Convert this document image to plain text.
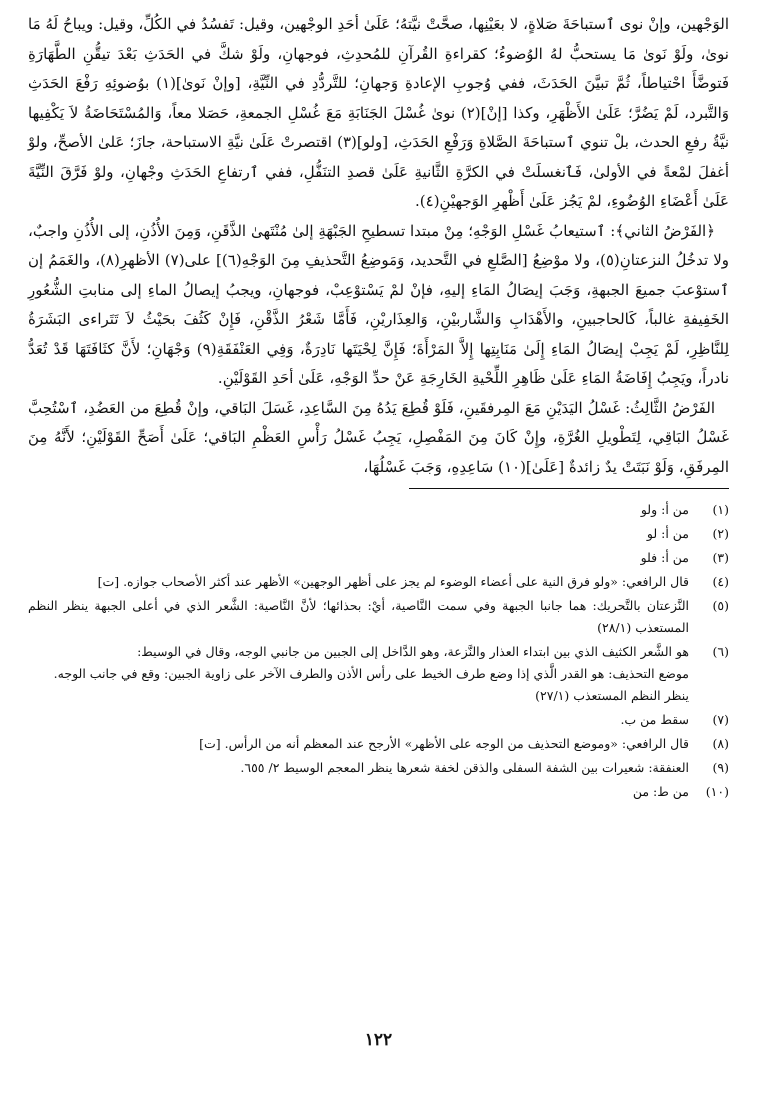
الوَجْهين، وإنْ نوى ٱستباحَةَ صَلاةٍ، لا بعَيْنِها، صحَّتْ نيَّتهُ؛ عَلَىٰ أحَدِ الوجْهين، وقيل: تَفسُدُ في الكُلِّ، وقيل: ويباحُ لَهُ مَا نوىٰ، ولَوْ نَوىٰ مَا يستحبُّ لهُ الوُضوءُ؛ كقراءةِ القُرآنِ للمُحدِثِ، فوجهانِ، ولَوْ شكَّ في الحَدَثِ بَعْدَ تيقُّنِ الطَّهَارَةِ فَتوضَّأَ احْتياطاً، ثُمَّ تبيَّنَ الحَدَثَ، ففي وُجوبِ الإعادةِ وَجهانِ؛ للتَّردُّدِ في النِّيَّةِ، [وإنْ نَوىٰ](١) بوُضوئِهِ رَفْعَ الحَدَثِ وَالتَّبرد، لَمْ يَضُرَّ؛ عَلَىٰ الأَظْهَرِ، وكذا [إنْ](٢) نوىٰ غُسْلَ الجَنَابَةِ مَعَ غُسْلِ الجمعةِ، حَصَلا معاً، وَالمُسْتَحَاضَةُ لاَ يَكْفِيها نيَّةُ رفعِ الحدث، بلْ تنوي ٱستباحَةَ الصَّلاةِ وَرَفْعِ الحَدَثِ، [ولو](٣) اقتصرتْ عَلَىٰ نيَّةِ الاستباحة، جازَ؛ عَلىٰ الأصحِّ، ولوْ أغفلَ لمْعةً في الأولىٰ، فَٱنغسلَتْ في الكرَّةِ الثَّانيةِ عَلَىٰ قصدِ التنَفُّلِ، ففي ٱرتفاعِ الحَدَثِ وجْهانِ، ولوْ فَرَّقَ النِّيَّةَ عَلَىٰ أَعْضَاءِ الوُضُوءِ، لمْ يَجُز عَلَىٰ أَظْهرِ الوَجهيْنِ(٤).

﴿الفَرْضُ الثاني﴾: ٱستيعابُ غَسْلِ الوَجْهِ؛ مِنْ مبتدا تسطيحِ الجَبْهَةِ إلىٰ مُنْتَهىٰ الذَّقَنِ، وَمِنَ الأُذُنِ، إلى الأُذُنِ واجبٌ، ولا تدخُلُ النزعتانِ(٥)، ولا موْضِعُ [الصَّلعِ في التَّحديد، وَمَوضِعُ التَّحذيفِ مِنَ الوَجْهِ(٦)] على(٧) الأظهرِ(٨)، والغَمَمُ إن ٱستوْعبَ جميعَ الجبهةِ، وَجَبَ إيصَالُ المَاءِ إليهِ، فإنْ لمْ يَسْتوْعِبْ، فوجهانِ، ويجبُ إيصالُ الماءِ إلى منابتِ الشُّعُورِ الخَفِيفةِ غالباً، كَالحاجبينِ، والأَهْدَابِ وَالشَّاربيْنِ، وَالعِذَاريْنِ، فَأَمَّا شَعْرُ الذَّقْنِ، فَإِنْ كَثُفَ بحَيْثُ لاَ تَتَراءى البَشَرَةُ لِلنَّاظِرِ، لَمْ يَجِبْ إيصَالُ المَاءِ إِلَىٰ مَنَابِتِها إِلاَّ المَرْأَةَ؛ فَإِنَّ لِحْيَتَها نَادِرَةٌ، وَفِي العَنْفَقَةِ(٩) وَجْهَانِ؛ لأَنَّ كثَافَتَهَا قَدْ تُعَدُّ نادراً، ويَجِبُ إِفَاضَةُ المَاءِ عَلَىٰ ظَاهِرِ اللِّحْيةِ الخَارِجَةِ عَنْ حدِّ الوَجْهِ، عَلَىٰ أحَدِ القَوْلَيْنِ.

الفَرْضُ الثَّالِثُ: غَسْلُ اليَدَيْنِ مَعَ المِرفقَينِ، فَلَوْ قُطِعَ يَدُهُ مِنَ السَّاعِدِ، غَسَلَ البَاقي، وإنْ قُطِعَ من العَضُدِ، ٱسْتُحِبَّ غَسْلُ البَاقِي، لِتَطْويلِ الغُرَّةِ، وإِنْ كَانَ مِنَ المَفْصِلِ، يَجِبُ غَسْلُ رَأْسِ العَظْمِ البَاقي؛ عَلَىٰ أَصَحِّ القَوْلَيْنِ؛ لأَنَّهُ مِنَ المِرفَقِ، وَلَوْ نَبَتَتْ يدٌ زائدةٌ [عَلَىٰ](١٠) سَاعِدِهِ، وَجَبَ غَسْلُهَا،

(١)
من أ: ولو
(٢)
من أ: لو
(٣)
من أ: فلو
(٤)
قال الرافعي: «ولو فرق النية على أعضاء الوضوء لم يجز على أظهر الوجهين» الأظهر عند أكثر الأصحاب جوازه. [ت]
(٥)
النَّزعتان بالتَّحريك: هما جانبا الجبهة وفي سمت النَّاصية، أيْ: بحذائها؛ لأنَّ النَّاصية: الشَّعر الذي في أعلى الجبهة ينظر النظم المستعذب (٢٨/١)
(٦)
هو الشَّعر الكثيف الذي بين ابتداء العذار والنَّزعة، وهو الدَّاخل إلى الجبين من جانبي الوجه، وقال في الوسيط:
موضع التحذيف: هو القدر الَّذي إذا وضع طرف الخيط على رأس الأذن والطرف الآخر على زاوية الجبين: وقع في جانب الوجه.
ينظر النظم المستعذب (٢٧/١)
(٧)
سقط من ب.
(٨)
قال الرافعي: «وموضع التحذيف من الوجه على الأظهر» الأرجح عند المعظم أنه من الرأس. [ت]
(٩)
العنفقة: شعيرات بين الشفة السفلى والذقن لخفة شعرها ينظر المعجم الوسيط ٢/ ٦٥٥.
(١٠)
من ط: من
١٢٢
